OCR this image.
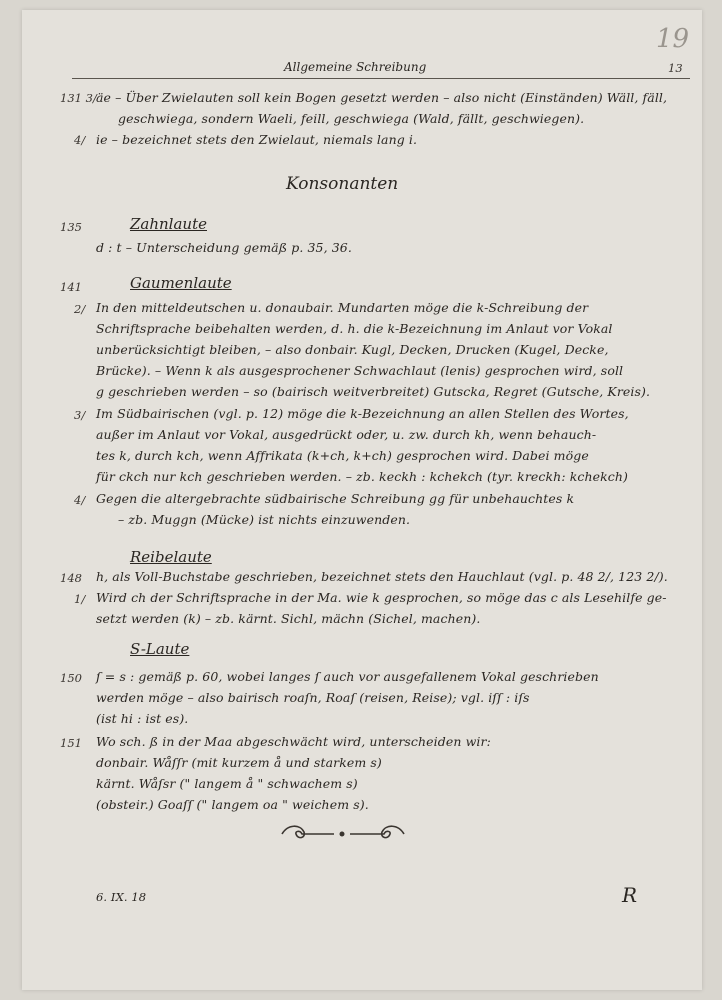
Allgemeine Schreibung
19
13
131 3/ äe – Über Zwielauten soll kein Bogen gesetzt werden – also nicht (Einständen) Wäll, fäll,
geschwiega, sondern Waeli, feill, geschwiega (Wald, fällt, geschwiegen).
4/ ie – bezeichnet stets den Zwielaut, niemals lang i.
Konsonanten
135	Zahnlaute
d : t – Unterscheidung gemäß p. 35, 36.
141	Gaumenlaute
2/ In den mitteldeutschen u. donaubair. Mundarten möge die k-Schreibung der
Schriftsprache beibehalten werden, d. h. die k-Bezeichnung im Anlaut vor Vokal
unberücksichtigt bleiben, – also donbair. Kugl, Decken, Drucken (Kugel, Decke,
Brücke). – Wenn k als ausgesprochener Schwachlaut (lenis) gesprochen wird, soll
g geschrieben werden – so (bairisch weitverbreitet) Gutscka, Regret (Gutsche, Kreis).
3/ Im Südbairischen (vgl. p. 12) möge die k-Bezeichnung an allen Stellen des Wortes,
außer im Anlaut vor Vokal, ausgedrückt oder, u. zw. durch kh, wenn behauch-
tes k, durch kch, wenn Affrikata (k+ch, k+ch) gesprochen wird. Dabei möge
für ckch nur kch geschrieben werden. – zb. keckh : kchekch (tyr. kreckh: kchekch)
4/ Gegen die altergebrachte südbairische Schreibung gg für unbehauchtes k
– zb. Muggn (Mücke) ist nichts einzuwenden.
Reibelaute
148 h, als Voll-Buchstabe geschrieben, bezeichnet stets den Hauchlaut (vgl. p. 48 2/, 123 2/).
1/ Wird ch der Schriftsprache in der Ma. wie k gesprochen, so möge das c als Lesehilfe ge-
setzt werden (k) – zb. kärnt. Sichl, mächn (Sichel, machen).
S-Laute
150 ſ = s : gemäß p. 60, wobei langes ſ auch vor ausgefallenem Vokal geschrieben
werden möge – also bairisch roaſn, Roaſ (reisen, Reise); vgl. iſſ : iſs
(ist hi : ist es).
151 Wo sch. ß in der Maa abgeschwächt wird, unterscheiden wir:
donbair. Wåſſr (mit kurzem å und starkem s)
kärnt. Wåſsr (" langem å " schwachem s)
(obsteir.) Goaſſ (" langem oa " weichem s).
6. IX. 18	R
